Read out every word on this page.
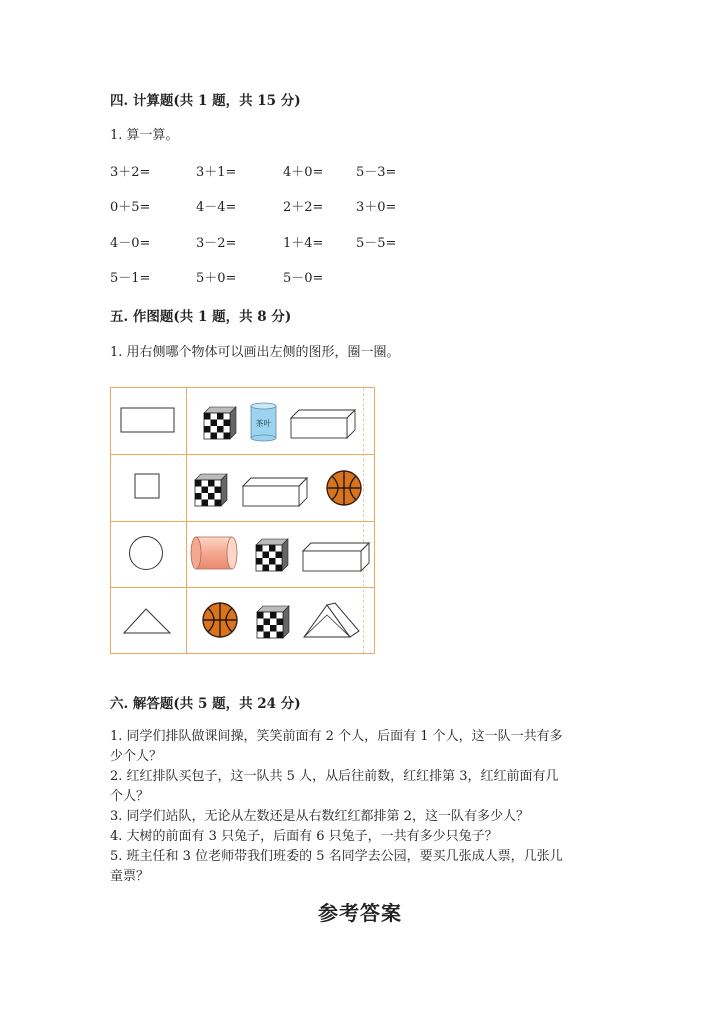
四. 计算题(共 1 题，共 15 分)
1. 算一算。
3＋2=	3＋1=	4＋0=	5－3=
0＋5=	4－4=	2＋2=	3＋0=
4－0=	3－2=	1＋4=	5－5=
5－1=	5＋0=	5－0=
五. 作图题(共 1 题，共 8 分)
1. 用右侧哪个物体可以画出左侧的图形，圈一圈。
茶叶
六. 解答题(共 5 题，共 24 分)
1. 同学们排队做课间操，笑笑前面有 2 个人，后面有 1 个人，这一队一共有多
少个人？
2. 红红排队买包子，这一队共 5 人，从后往前数，红红排第 3，红红前面有几
个人？
3. 同学们站队，无论从左数还是从右数红红都排第 2，这一队有多少人？
4. 大树的前面有 3 只兔子，后面有 6 只兔子，一共有多少只兔子？
5. 班主任和 3 位老师带我们班委的 5 名同学去公园，要买几张成人票，几张儿
童票？
参考答案
